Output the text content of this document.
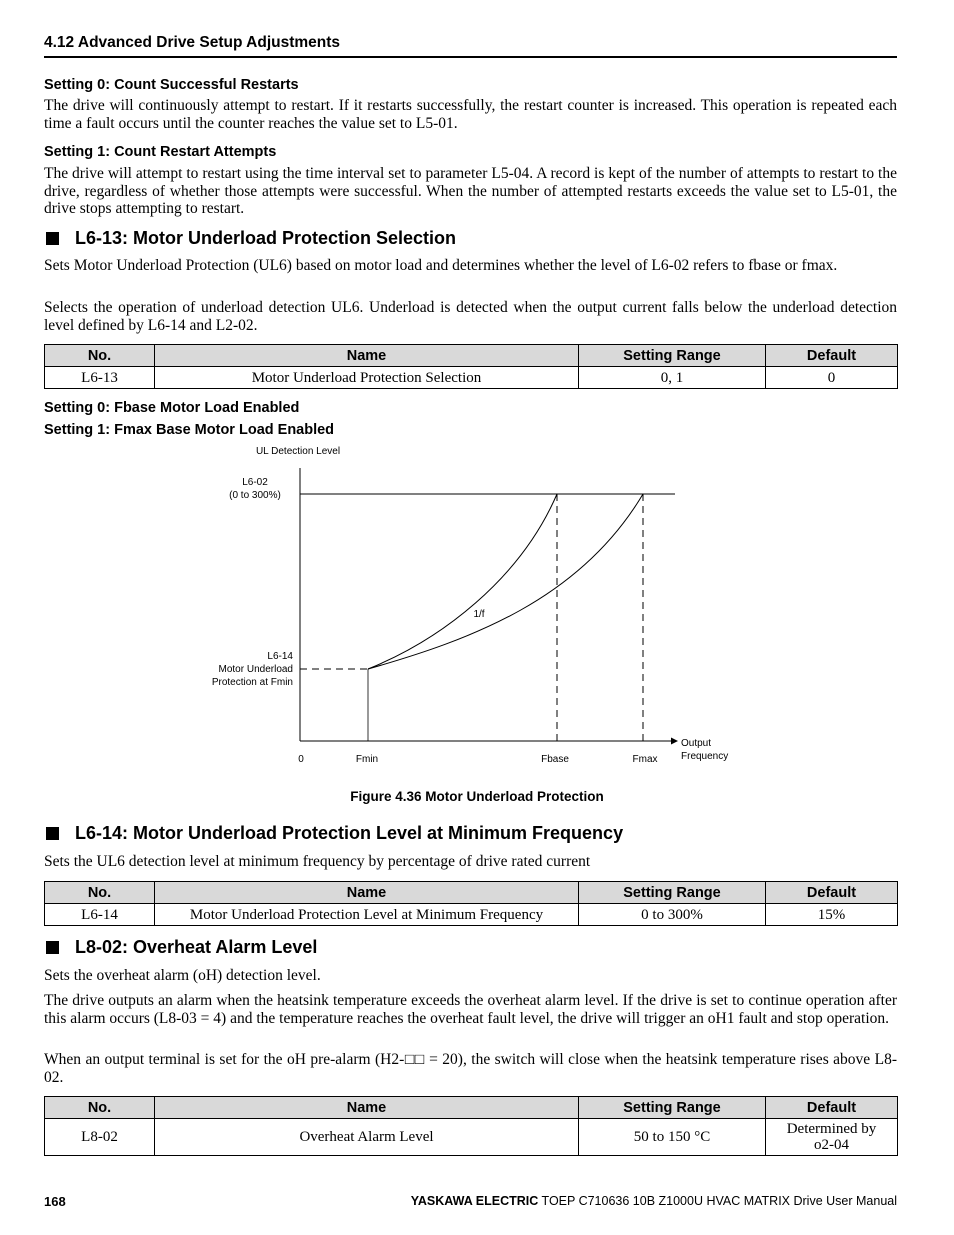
4.12 Advanced Drive Setup Adjustments
Setting 0: Count Successful Restarts
The drive will continuously attempt to restart. If it restarts successfully, the restart counter is increased. This operation is repeated each time a fault occurs until the counter reaches the value set to L5-01.
Setting 1: Count Restart Attempts
The drive will attempt to restart using the time interval set to parameter L5-04. A record is kept of the number of attempts to restart to the drive, regardless of whether those attempts were successful. When the number of attempted restarts exceeds the value set to L5-01, the drive stops attempting to restart.
L6-13: Motor Underload Protection Selection
Sets Motor Underload Protection (UL6) based on motor load and determines whether the level of L6-02 refers to fbase or fmax.
Selects the operation of underload detection UL6. Underload is detected when the output current falls below the underload detection level defined by L6-14 and L2-02.
No.	Name	Setting Range	Default
L6-13	Motor Underload Protection Selection	0, 1	0
Setting 0: Fbase Motor Load Enabled
Setting 1: Fmax Base Motor Load Enabled
UL Detection Level
L6-02
(0 to 300%)
L6-14
Motor Underload
Protection at Fmin
1/f
0	Fmin	Fbase	Fmax
Output
Frequency
Figure 4.36 Motor Underload Protection
L6-14: Motor Underload Protection Level at Minimum Frequency
Sets the UL6 detection level at minimum frequency by percentage of drive rated current
No.	Name	Setting Range	Default
L6-14	Motor Underload Protection Level at Minimum Frequency	0 to 300%	15%
L8-02: Overheat Alarm Level
Sets the overheat alarm (oH) detection level.
The drive outputs an alarm when the heatsink temperature exceeds the overheat alarm level. If the drive is set to continue operation after this alarm occurs (L8-03 = 4) and the temperature reaches the overheat fault level, the drive will trigger an oH1 fault and stop operation.
When an output terminal is set for the oH pre-alarm (H2-□□ = 20), the switch will close when the heatsink temperature rises above L8-02.
No.	Name	Setting Range	Default
L8-02	Overheat Alarm Level	50 to 150 °C	Determined by
o2-04
168	YASKAWA ELECTRIC TOEP C710636 10B Z1000U HVAC MATRIX Drive User Manual
